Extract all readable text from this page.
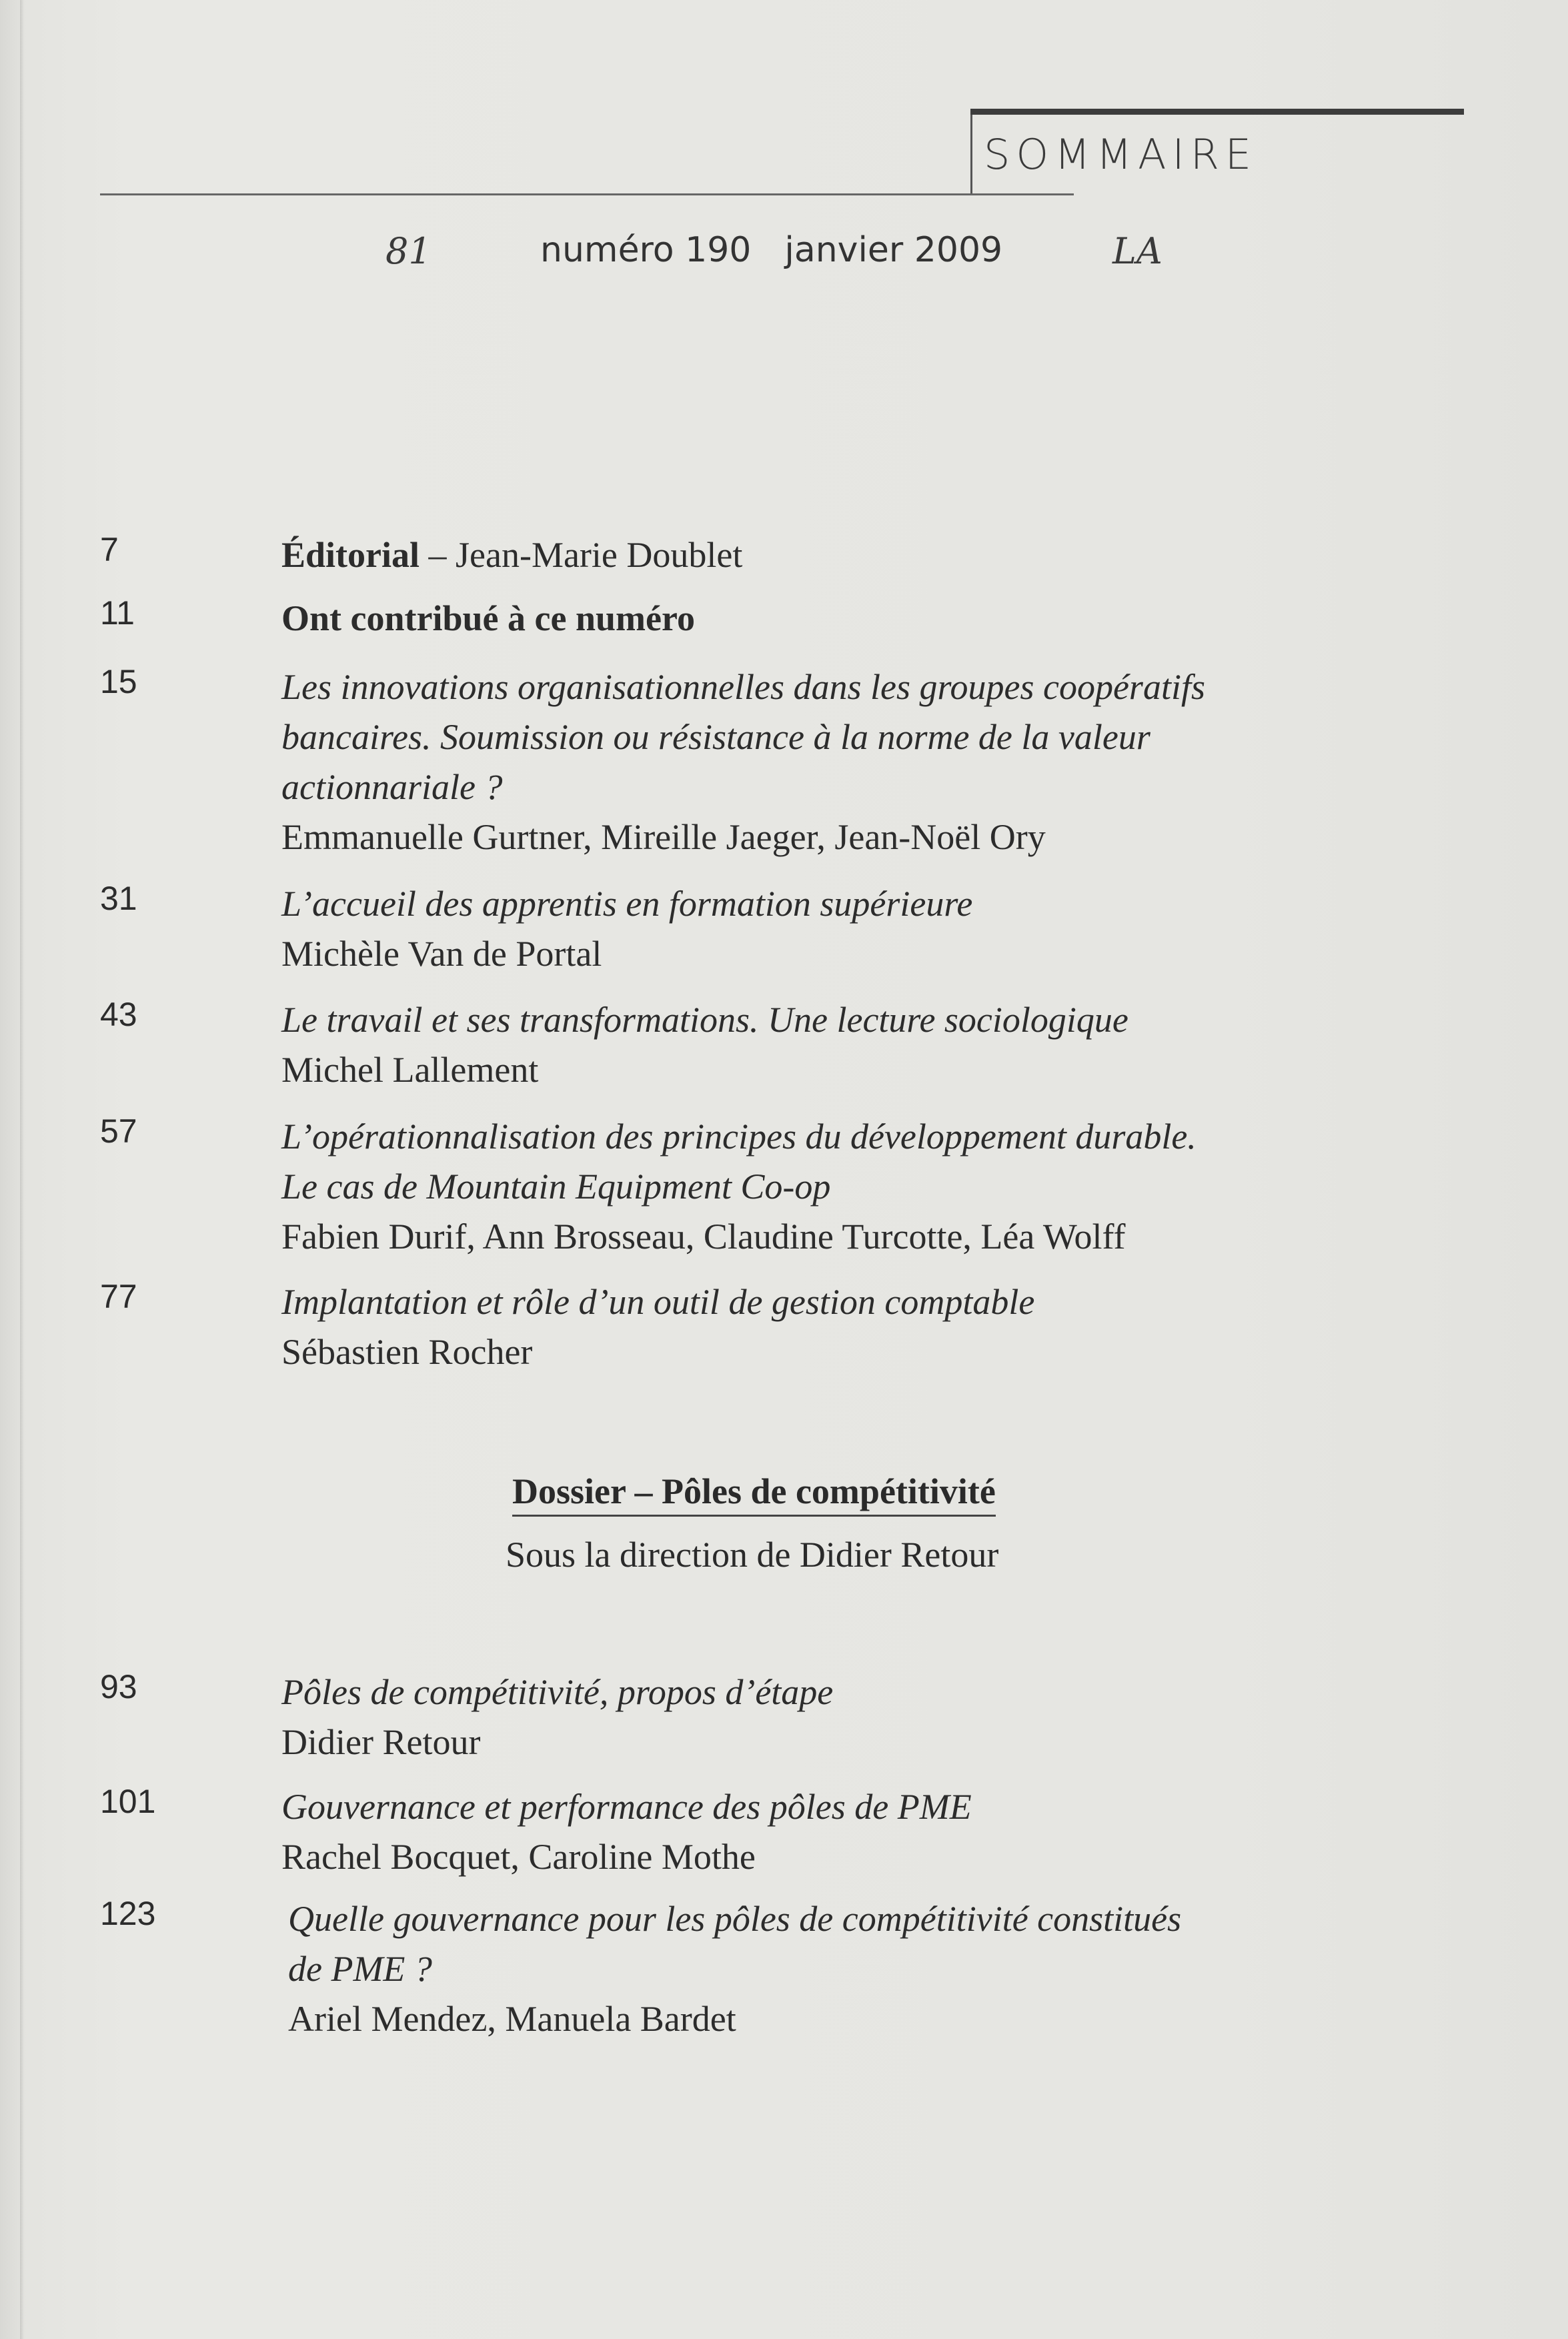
SOMMAIRE
81	numéro 190 janvier 2009	LA
7	Éditorial – Jean-Marie Doublet
11	Ont contribué à ce numéro
15	Les innovations organisationnelles dans les groupes coopératifs
bancaires. Soumission ou résistance à la norme de la valeur
actionnariale ?
Emmanuelle Gurtner, Mireille Jaeger, Jean-Noël Ory
31	L’accueil des apprentis en formation supérieure
Michèle Van de Portal
43	Le travail et ses transformations. Une lecture sociologique
Michel Lallement
57	L’opérationnalisation des principes du développement durable.
Le cas de Mountain Equipment Co-op
Fabien Durif, Ann Brosseau, Claudine Turcotte, Léa Wolff
77	Implantation et rôle d’un outil de gestion comptable
Sébastien Rocher
Dossier – Pôles de compétitivité
Sous la direction de Didier Retour
93	Pôles de compétitivité, propos d’étape
Didier Retour
101	Gouvernance et performance des pôles de PME
Rachel Bocquet, Caroline Mothe
123	Quelle gouvernance pour les pôles de compétitivité constitués
de PME ?
Ariel Mendez, Manuela Bardet
